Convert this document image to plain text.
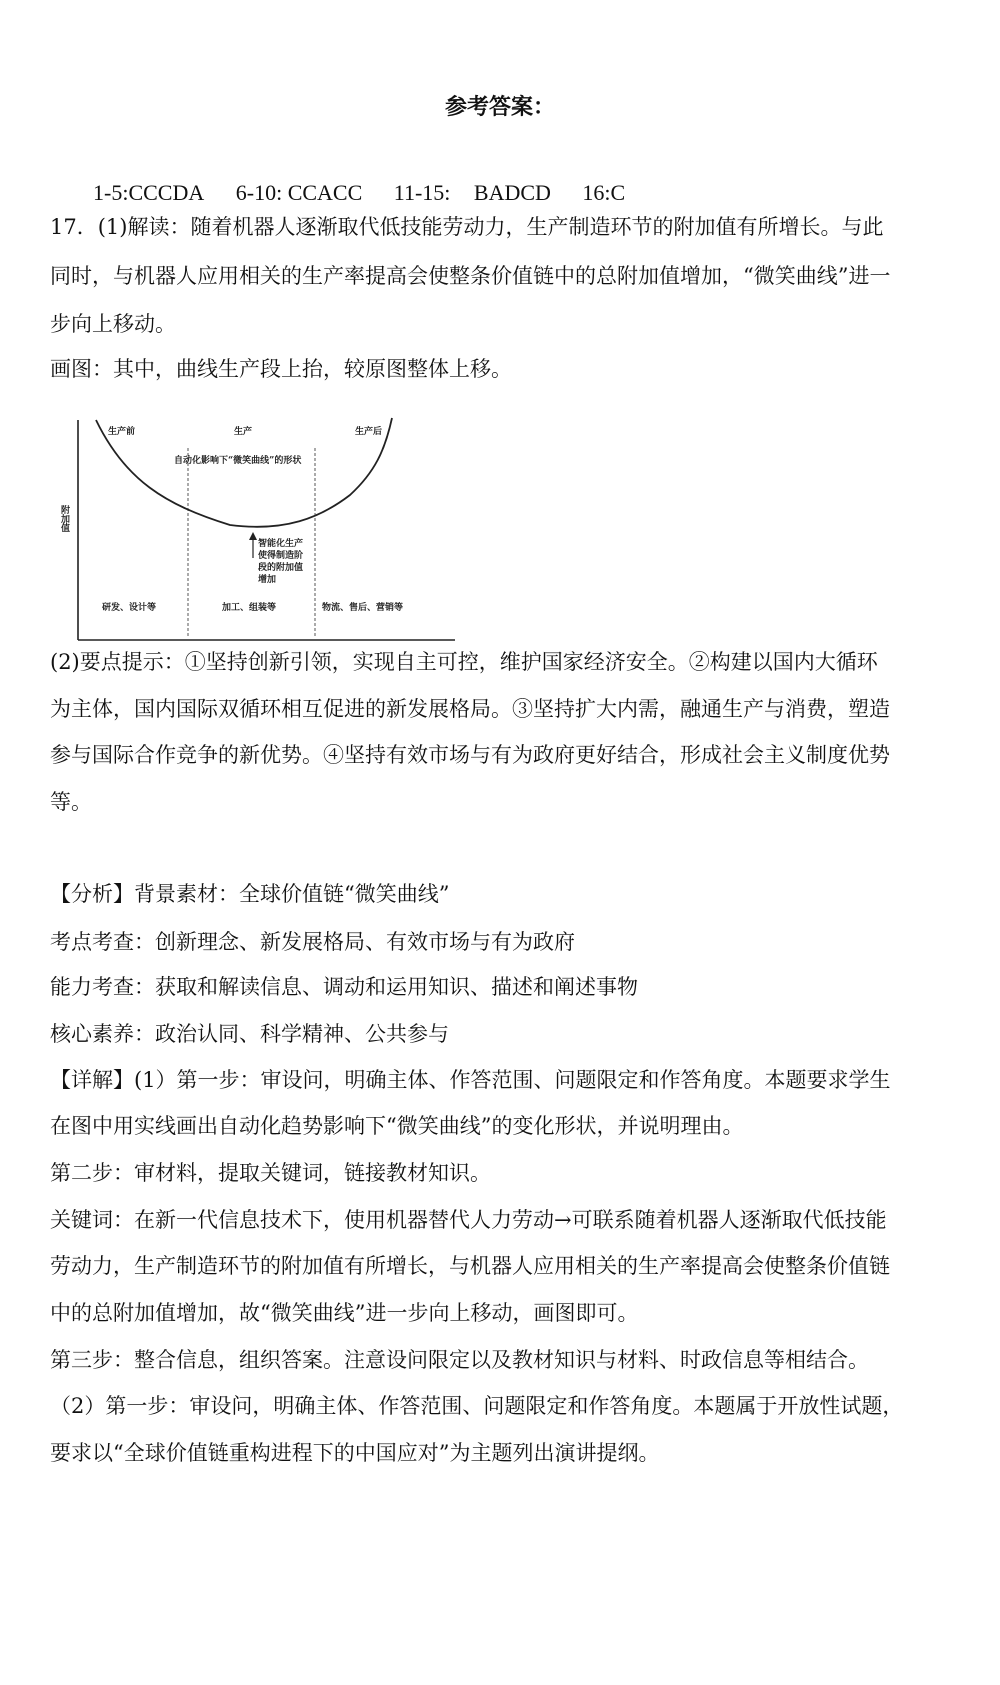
参考答案：
1-5:CCCDA 6-10: CCACC 11-15: BADCD 16:C
17．(1)解读：随着机器人逐渐取代低技能劳动力，生产制造环节的附加值有所增长。与此
同时，与机器人应用相关的生产率提高会使整条价值链中的总附加值增加，“微笑曲线”进一
步向上移动。
画图：其中，曲线生产段上抬，较原图整体上移。
生产前	生产	生产后
自动化影响下“微笑曲线”的形状
附加值
智能化生产
使得制造阶
段的附加值
增加
研发、设计等	加工、组装等	物流、售后、营销等
(2)要点提示：①坚持创新引领，实现自主可控，维护国家经济安全。②构建以国内大循环
为主体，国内国际双循环相互促进的新发展格局。③坚持扩大内需，融通生产与消费，塑造
参与国际合作竞争的新优势。④坚持有效市场与有为政府更好结合，形成社会主义制度优势
等。
【分析】背景素材：全球价值链“微笑曲线”
考点考查：创新理念、新发展格局、有效市场与有为政府
能力考查：获取和解读信息、调动和运用知识、描述和阐述事物
核心素养：政治认同、科学精神、公共参与
【详解】(1）第一步：审设问，明确主体、作答范围、问题限定和作答角度。本题要求学生
在图中用实线画出自动化趋势影响下“微笑曲线”的变化形状，并说明理由。
第二步：审材料，提取关键词，链接教材知识。
关键词：在新一代信息技术下，使用机器替代人力劳动→可联系随着机器人逐渐取代低技能
劳动力，生产制造环节的附加值有所增长，与机器人应用相关的生产率提高会使整条价值链
中的总附加值增加，故“微笑曲线”进一步向上移动，画图即可。
第三步：整合信息，组织答案。注意设问限定以及教材知识与材料、时政信息等相结合。
（2）第一步：审设问，明确主体、作答范围、问题限定和作答角度。本题属于开放性试题，
要求以“全球价值链重构进程下的中国应对”为主题列出演讲提纲。
